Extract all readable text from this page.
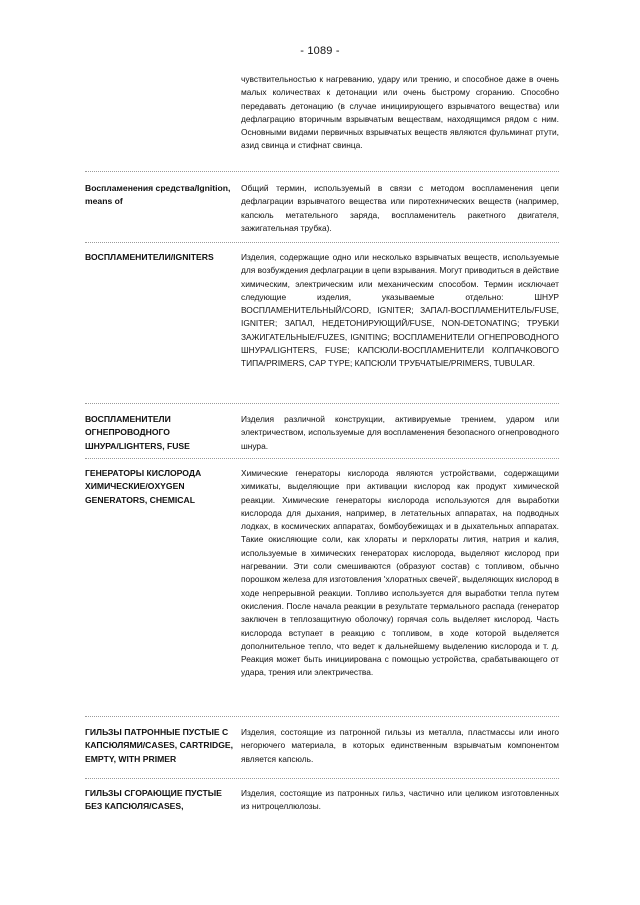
- 1089 -
чувствительностью к нагреванию, удару или трению, и способное даже в очень малых количествах к детонации или очень быстрому сгоранию. Способно передавать детонацию (в случае инициирующего взрывчатого вещества) или дефлаграцию вторичным взрывчатым веществам, находящимся рядом с ним. Основными видами первичных взрывчатых веществ являются фульминат ртути, азид свинца и стифнат свинца.
Воспламенения средства/Ignition, means of
Общий термин, используемый в связи с методом воспламенения цепи дефлаграции взрывчатого вещества или пиротехнических веществ (например, капсюль метательного заряда, воспламенитель ракетного двигателя, зажигательная трубка).
ВОСПЛАМЕНИТЕЛИ/IGNITERS	Изделия, содержащие одно или несколько взрывчатых веществ, используемые для возбуждения дефлаграции в цепи взрывания. Могут приводиться в действие химическим, электрическим или механическим способом. Термин исключает следующие изделия, указываемые отдельно: ШНУР ВОСПЛАМЕНИТЕЛЬНЫЙ/CORD, IGNITER; ЗАПАЛ-ВОСПЛАМЕНИТЕЛЬ/FUSE, IGNITER; ЗАПАЛ, НЕДЕТОНИРУЮЩИЙ/FUSE, NON-DETONATING; ТРУБКИ ЗАЖИГАТЕЛЬНЫЕ/FUZES, IGNITING; ВОСПЛАМЕНИТЕЛИ ОГНЕПРОВОДНОГО ШНУРА/LIGHTERS, FUSE; КАПСЮЛИ-ВОСПЛАМЕНИТЕЛИ КОЛПАЧКОВОГО ТИПА/PRIMERS, CAP TYPE; КАПСЮЛИ ТРУБЧАТЫЕ/PRIMERS, TUBULAR.
ВОСПЛАМЕНИТЕЛИ ОГНЕПРОВОДНОГО ШНУРА/LIGHTERS, FUSE
Изделия различной конструкции, активируемые трением, ударом или электричеством, используемые для воспламенения безопасного огнепроводного шнура.
ГЕНЕРАТОРЫ КИСЛОРОДА ХИМИЧЕСКИЕ/OXYGEN GENERATORS, CHEMICAL
Химические генераторы кислорода являются устройствами, содержащими химикаты, выделяющие при активации кислород как продукт химической реакции. Химические генераторы кислорода используются для выработки кислорода для дыхания, например, в летательных аппаратах, на подводных лодках, в космических аппаратах, бомбоубежищах и в дыхательных аппаратах. Такие окисляющие соли, как хлораты и перхлораты лития, натрия и калия, используемые в химических генераторах кислорода, выделяют кислород при нагревании. Эти соли смешиваются (образуют состав) с топливом, обычно порошком железа для изготовления 'хлоратных свечей', выделяющих кислород в ходе непрерывной реакции. Топливо используется для выработки тепла путем окисления. После начала реакции в результате термального распада (генератор заключен в теплозащитную оболочку) горячая соль выделяет кислород. Часть кислорода вступает в реакцию с топливом, в ходе которой выделяется дополнительное тепло, что ведет к дальнейшему выделению кислорода и т. д. Реакция может быть инициирована с помощью устройства, срабатывающего от удара, трения или электричества.
ГИЛЬЗЫ ПАТРОННЫЕ ПУСТЫЕ С КАПСЮЛЯМИ/CASES, CARTRIDGE, EMPTY, WITH PRIMER
Изделия, состоящие из патронной гильзы из металла, пластмассы или иного негорючего материала, в которых единственным взрывчатым компонентом является капсюль.
ГИЛЬЗЫ СГОРАЮЩИЕ ПУСТЫЕ БЕЗ КАПСЮЛЯ/CASES,
Изделия, состоящие из патронных гильз, частично или целиком изготовленных из нитроцеллюлозы.
